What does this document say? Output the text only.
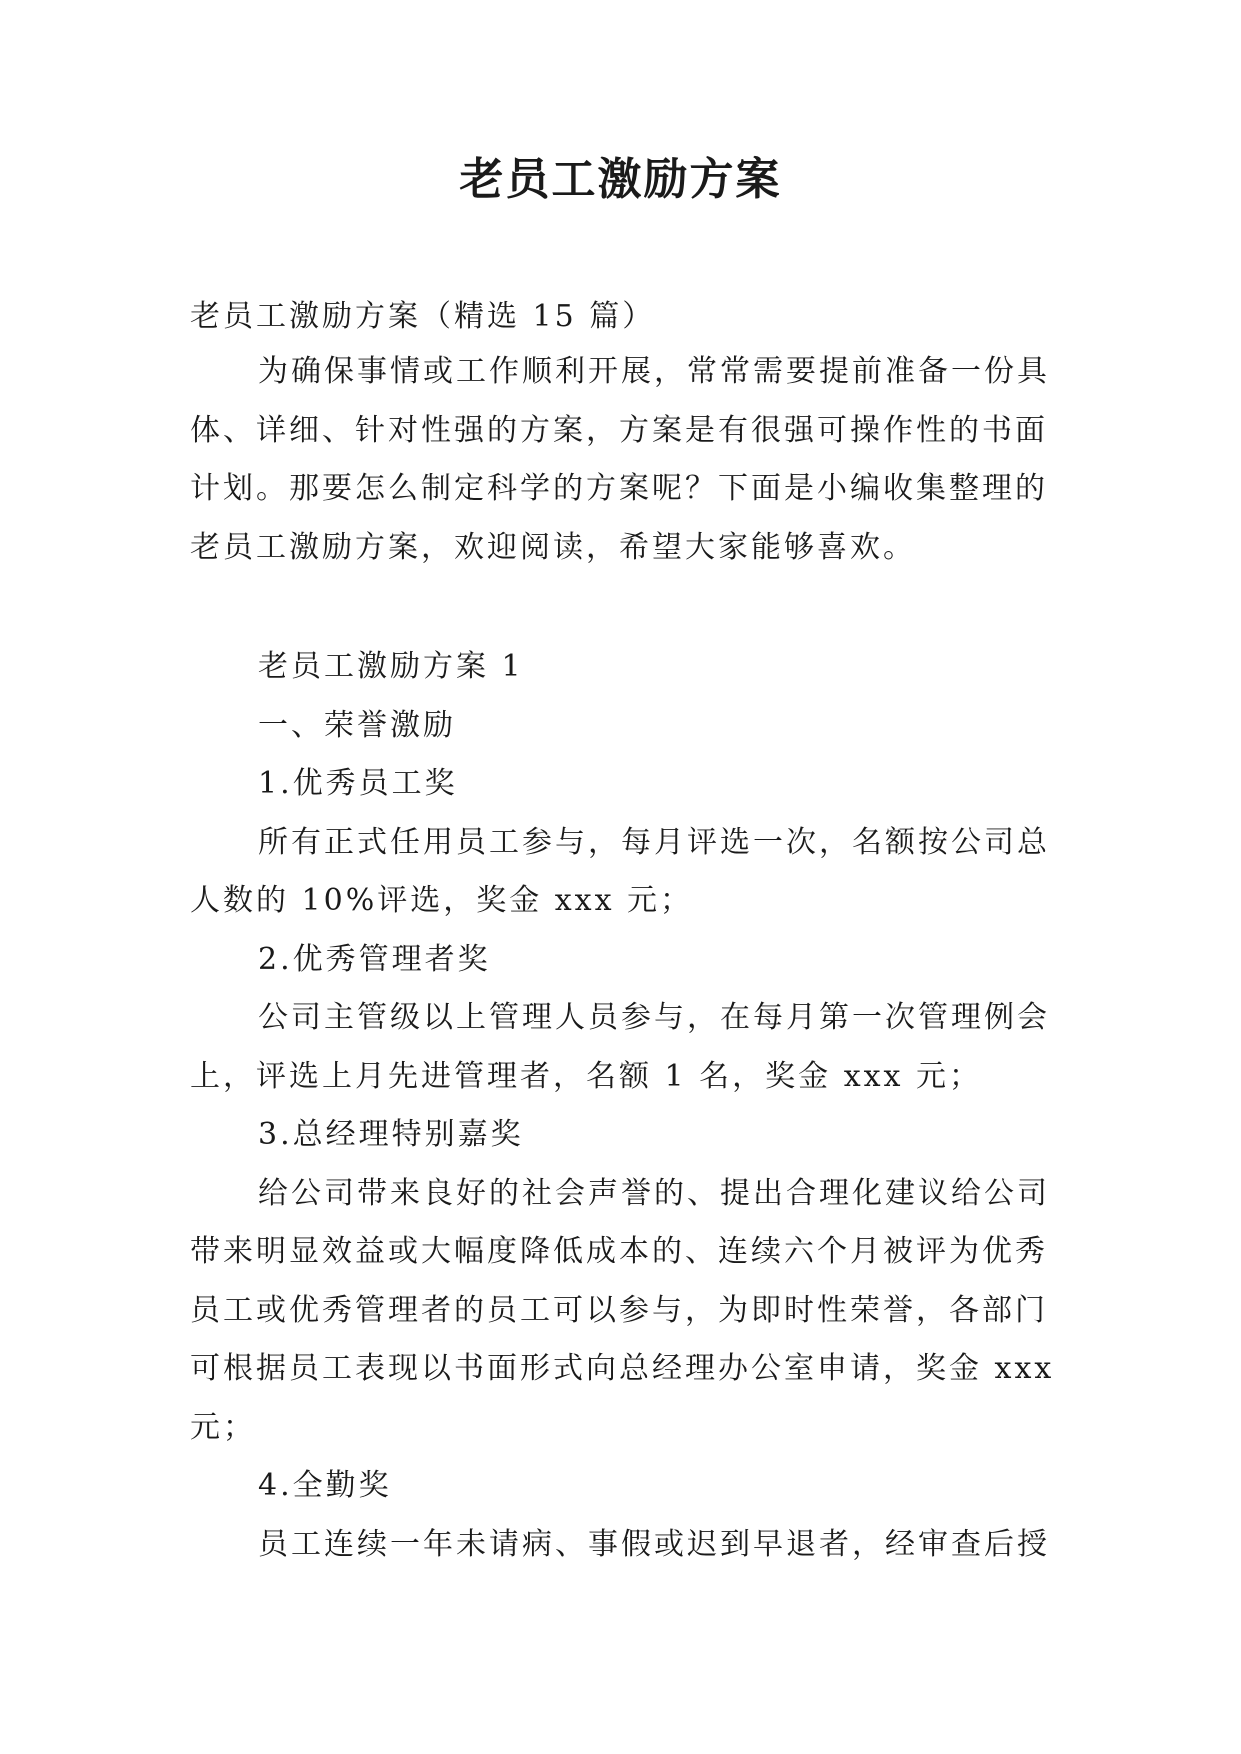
老员工激励方案

老员工激励方案（精选 15 篇）

为确保事情或工作顺利开展，常常需要提前准备一份具

体、详细、针对性强的方案，方案是有很强可操作性的书面

计划。那要怎么制定科学的方案呢？下面是小编收集整理的

老员工激励方案，欢迎阅读，希望大家能够喜欢。

老员工激励方案 1

一、荣誉激励

1.优秀员工奖

所有正式任用员工参与，每月评选一次，名额按公司总

人数的 10%评选，奖金 xxx 元；

2.优秀管理者奖

公司主管级以上管理人员参与，在每月第一次管理例会

上，评选上月先进管理者，名额 1 名，奖金 xxx 元；

3.总经理特别嘉奖

给公司带来良好的社会声誉的、提出合理化建议给公司

带来明显效益或大幅度降低成本的、连续六个月被评为优秀

员工或优秀管理者的员工可以参与，为即时性荣誉，各部门

可根据员工表现以书面形式向总经理办公室申请，奖金 xxx

元；

4.全勤奖

员工连续一年未请病、事假或迟到早退者，经审查后授
